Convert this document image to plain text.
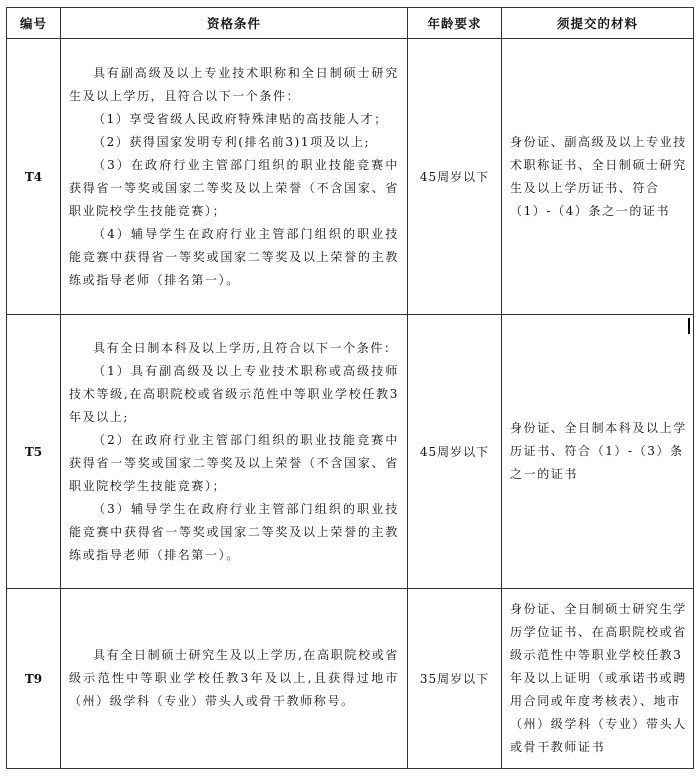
编号	资格条件	年龄要求	须提交的材料
T4	具有副高级及以上专业技术职称和全日制硕士研究生及以上学历，且符合以下一个条件：

（1）享受省级人民政府特殊津贴的高技能人才；

（2）获得国家发明专利(排名前3)1项及以上;

（3）在政府行业主管部门组织的职业技能竞赛中获得省一等奖或国家二等奖及以上荣誉（不含国家、省职业院校学生技能竞赛）；

（4）辅导学生在政府行业主管部门组织的职业技能竞赛中获得省一等奖或国家二等奖及以上荣誉的主教练或指导老师（排名第一）。	45周岁以下	身份证、副高级及以上专业技术职称证书、全日制硕士研究生及以上学历证书、符合（1）-（4）条之一的证书
T5	具有全日制本科及以上学历,且符合以下一个条件：

（1）具有副高级及以上专业技术职称或高级技师技术等级,在高职院校或省级示范性中等职业学校任教3年及以上;

（2）在政府行业主管部门组织的职业技能竞赛中获得省一等奖或国家二等奖及以上荣誉（不含国家、省职业院校学生技能竞赛）；

（3）辅导学生在政府行业主管部门组织的职业技能竞赛中获得省一等奖或国家二等奖及以上荣誉的主教练或指导老师（排名第一）。	45周岁以下	身份证、全日制本科及以上学历证书、符合（1）-（3）条之一的证书
T9	具有全日制硕士研究生及以上学历,在高职院校或省级示范性中等职业学校任教3年及以上,且获得过地市（州）级学科（专业）带头人或骨干教师称号。	35周岁以下	身份证、全日制硕士研究生学历学位证书、在高职院校或省级示范性中等职业学校任教3年及以上证明（或承诺书或聘用合同或年度考核表）、地市（州）级学科（专业）带头人或骨干教师证书
